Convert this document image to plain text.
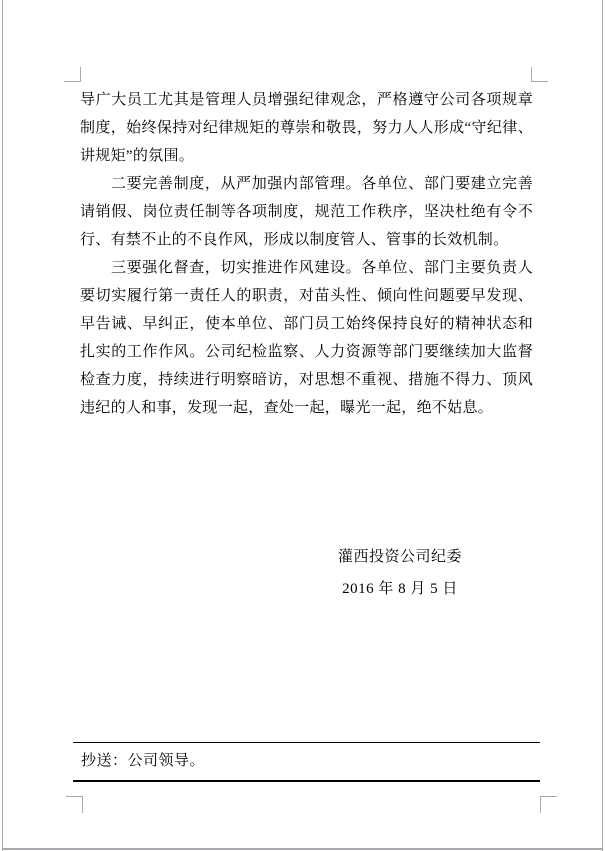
导广大员工尤其是管理人员增强纪律观念，严格遵守公司各项规章
制度，始终保持对纪律规矩的尊崇和敬畏，努力人人形成“守纪律、
讲规矩”的氛围。
二要完善制度，从严加强内部管理。各单位、部门要建立完善
请销假、岗位责任制等各项制度，规范工作秩序，坚决杜绝有令不
行、有禁不止的不良作风，形成以制度管人、管事的长效机制。
三要强化督查，切实推进作风建设。各单位、部门主要负责人
要切实履行第一责任人的职责，对苗头性、倾向性问题要早发现、
早告诫、早纠正，使本单位、部门员工始终保持良好的精神状态和
扎实的工作作风。公司纪检监察、人力资源等部门要继续加大监督
检查力度，持续进行明察暗访，对思想不重视、措施不得力、顶风
违纪的人和事，发现一起，查处一起，曝光一起，绝不姑息。
灌西投资公司纪委
2016 年 8 月 5 日
抄送：公司领导。
